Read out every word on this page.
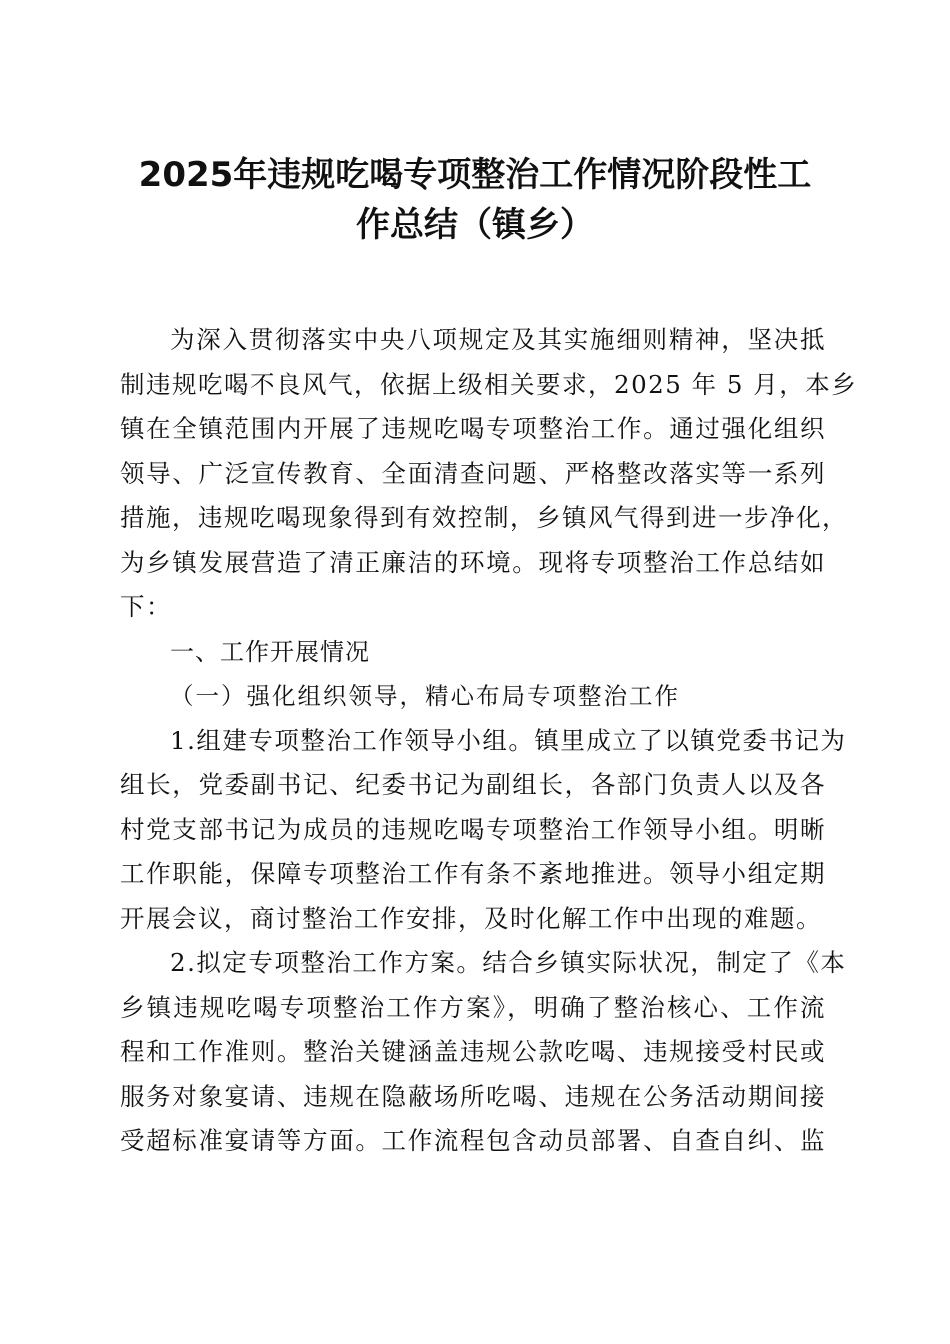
2025年违规吃喝专项整治工作情况阶段性工
作总结（镇乡）
为深入贯彻落实中央八项规定及其实施细则精神，坚决抵
制违规吃喝不良风气，依据上级相关要求，2025 年 5 月，本乡
镇在全镇范围内开展了违规吃喝专项整治工作。通过强化组织
领导、广泛宣传教育、全面清查问题、严格整改落实等一系列
措施，违规吃喝现象得到有效控制，乡镇风气得到进一步净化，
为乡镇发展营造了清正廉洁的环境。现将专项整治工作总结如
下：
一、工作开展情况
（一）强化组织领导，精心布局专项整治工作
1.组建专项整治工作领导小组。镇里成立了以镇党委书记为
组长，党委副书记、纪委书记为副组长，各部门负责人以及各
村党支部书记为成员的违规吃喝专项整治工作领导小组。明晰
工作职能，保障专项整治工作有条不紊地推进。领导小组定期
开展会议，商讨整治工作安排，及时化解工作中出现的难题。
2.拟定专项整治工作方案。结合乡镇实际状况，制定了《本
乡镇违规吃喝专项整治工作方案》，明确了整治核心、工作流
程和工作准则。整治关键涵盖违规公款吃喝、违规接受村民或
服务对象宴请、违规在隐蔽场所吃喝、违规在公务活动期间接
受超标准宴请等方面。工作流程包含动员部署、自查自纠、监
